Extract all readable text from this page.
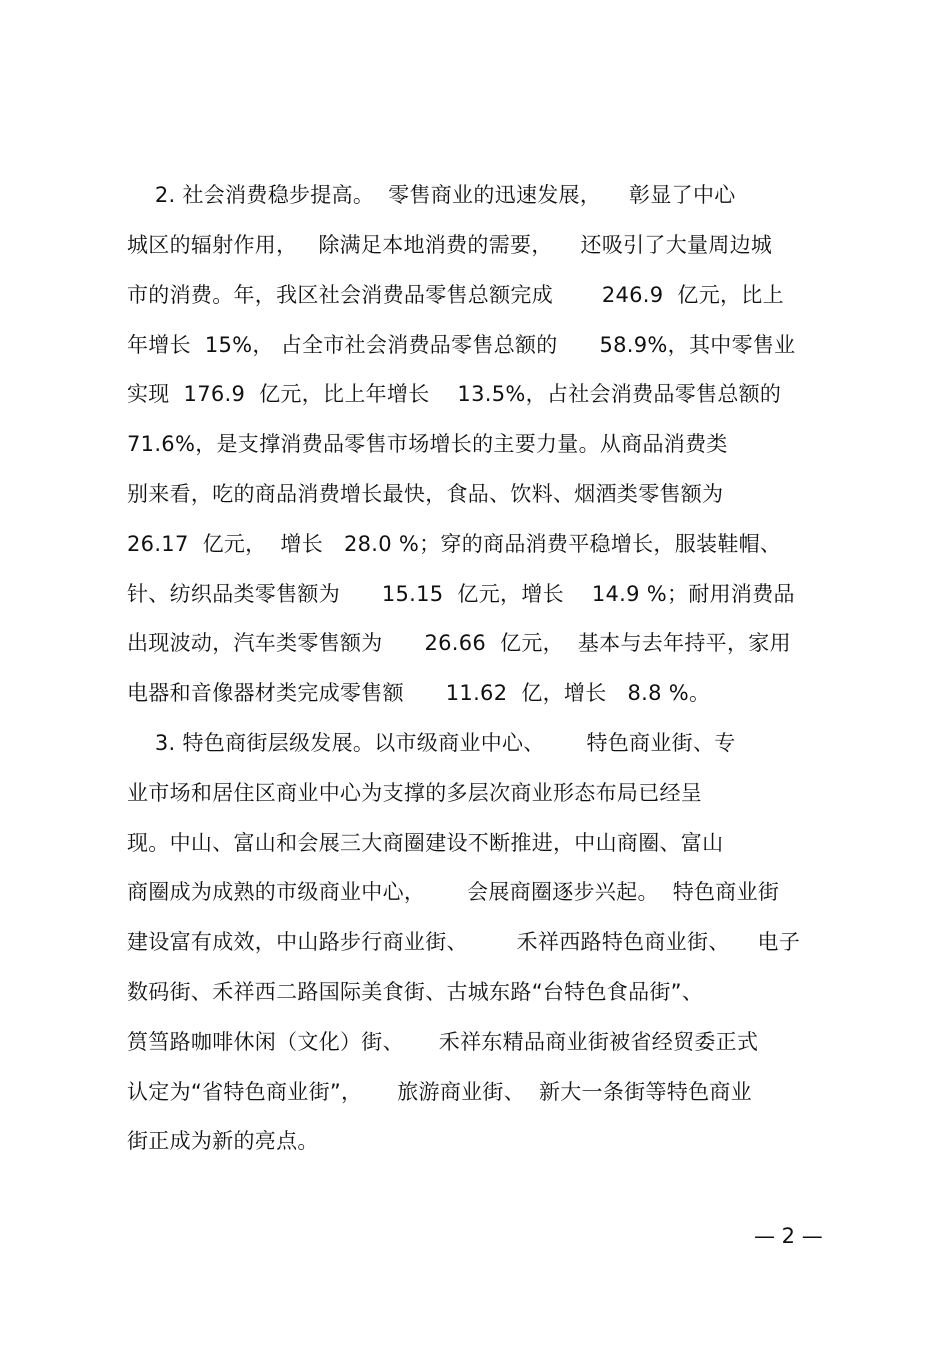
2. 社会消费稳步提高。  零售商业的迅速发展，    彰显了中心
城区的辐射作用，   除满足本地消费的需要，    还吸引了大量周边城
市的消费。年，我区社会消费品零售总额完成       246.9  亿元，比上
年增长  15%， 占全市社会消费品零售总额的      58.9%，其中零售业
实现  176.9  亿元，比上年增长    13.5%，占社会消费品零售总额的
71.6%，是支撑消费品零售市场增长的主要力量。从商品消费类
别来看，吃的商品消费增长最快，食品、饮料、烟酒类零售额为
26.17  亿元，  增长   28.0 %；穿的商品消费平稳增长，服装鞋帽、
针、纺织品类零售额为      15.15  亿元，增长    14.9 %；耐用消费品
出现波动，汽车类零售额为      26.66  亿元，  基本与去年持平，家用
电器和音像器材类完成零售额      11.62  亿，增长   8.8 %。
3. 特色商街层级发展。以市级商业中心、      特色商业街、专
业市场和居住区商业中心为支撑的多层次商业形态布局已经呈
现。中山、富山和会展三大商圈建设不断推进，中山商圈、富山
商圈成为成熟的市级商业中心，      会展商圈逐步兴起。  特色商业街
建设富有成效，中山路步行商业街、       禾祥西路特色商业街、    电子
数码街、禾祥西二路国际美食街、古城东路“台特色食品街”、
筼筜路咖啡休闲（文化）街、     禾祥东精品商业街被省经贸委正式
认定为“省特色商业街”，     旅游商业街、  新大一条街等特色商业
街正成为新的亮点。
— 2 —
